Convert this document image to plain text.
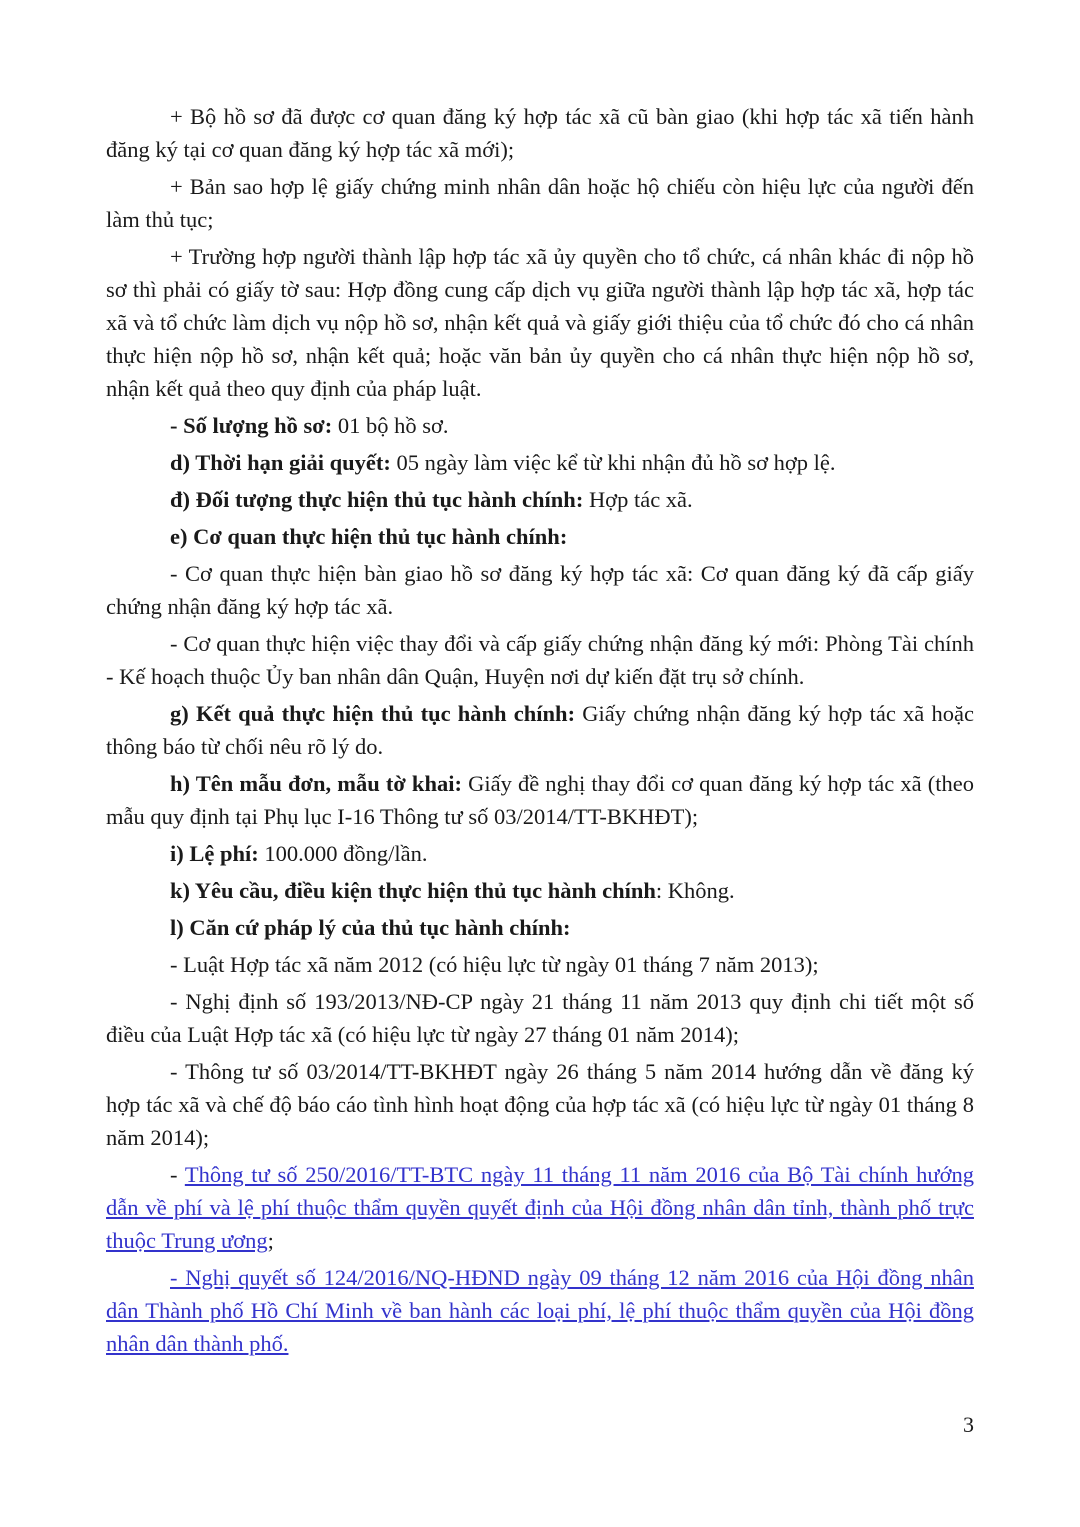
+ Bộ hồ sơ đã được cơ quan đăng ký hợp tác xã cũ bàn giao (khi hợp tác xã tiến hành đăng ký tại cơ quan đăng ký hợp tác xã mới);

+ Bản sao hợp lệ giấy chứng minh nhân dân hoặc hộ chiếu còn hiệu lực của người đến làm thủ tục;

+ Trường hợp người thành lập hợp tác xã ủy quyền cho tổ chức, cá nhân khác đi nộp hồ sơ thì phải có giấy tờ sau: Hợp đồng cung cấp dịch vụ giữa người thành lập hợp tác xã, hợp tác xã và tổ chức làm dịch vụ nộp hồ sơ, nhận kết quả và giấy giới thiệu của tổ chức đó cho cá nhân thực hiện nộp hồ sơ, nhận kết quả; hoặc văn bản ủy quyền cho cá nhân thực hiện nộp hồ sơ, nhận kết quả theo quy định của pháp luật.

- Số lượng hồ sơ: 01 bộ hồ sơ.

d) Thời hạn giải quyết: 05 ngày làm việc kể từ khi nhận đủ hồ sơ hợp lệ.

đ) Đối tượng thực hiện thủ tục hành chính: Hợp tác xã.

e) Cơ quan thực hiện thủ tục hành chính:

- Cơ quan thực hiện bàn giao hồ sơ đăng ký hợp tác xã: Cơ quan đăng ký đã cấp giấy chứng nhận đăng ký hợp tác xã.

- Cơ quan thực hiện việc thay đổi và cấp giấy chứng nhận đăng ký mới: Phòng Tài chính - Kế hoạch thuộc Ủy ban nhân dân Quận, Huyện nơi dự kiến đặt trụ sở chính.

g) Kết quả thực hiện thủ tục hành chính: Giấy chứng nhận đăng ký hợp tác xã hoặc thông báo từ chối nêu rõ lý do.

h) Tên mẫu đơn, mẫu tờ khai: Giấy đề nghị thay đổi cơ quan đăng ký hợp tác xã (theo mẫu quy định tại Phụ lục I-16 Thông tư số 03/2014/TT-BKHĐT);

i) Lệ phí: 100.000 đồng/lần.

k) Yêu cầu, điều kiện thực hiện thủ tục hành chính: Không.

l) Căn cứ pháp lý của thủ tục hành chính:

- Luật Hợp tác xã năm 2012 (có hiệu lực từ ngày 01 tháng 7 năm 2013);

- Nghị định số 193/2013/NĐ-CP ngày 21 tháng 11 năm 2013 quy định chi tiết một số điều của Luật Hợp tác xã (có hiệu lực từ ngày 27 tháng 01 năm 2014);

- Thông tư số 03/2014/TT-BKHĐT ngày 26 tháng 5 năm 2014 hướng dẫn về đăng ký hợp tác xã và chế độ báo cáo tình hình hoạt động của hợp tác xã (có hiệu lực từ ngày 01 tháng 8 năm 2014);

- Thông tư số 250/2016/TT-BTC ngày 11 tháng 11 năm 2016 của Bộ Tài chính hướng dẫn về phí và lệ phí thuộc thẩm quyền quyết định của Hội đồng nhân dân tỉnh, thành phố trực thuộc Trung ương;

- Nghị quyết số 124/2016/NQ-HĐND ngày 09 tháng 12 năm 2016 của Hội đồng nhân dân Thành phố Hồ Chí Minh về ban hành các loại phí, lệ phí thuộc thẩm quyền của Hội đồng nhân dân thành phố.

3
